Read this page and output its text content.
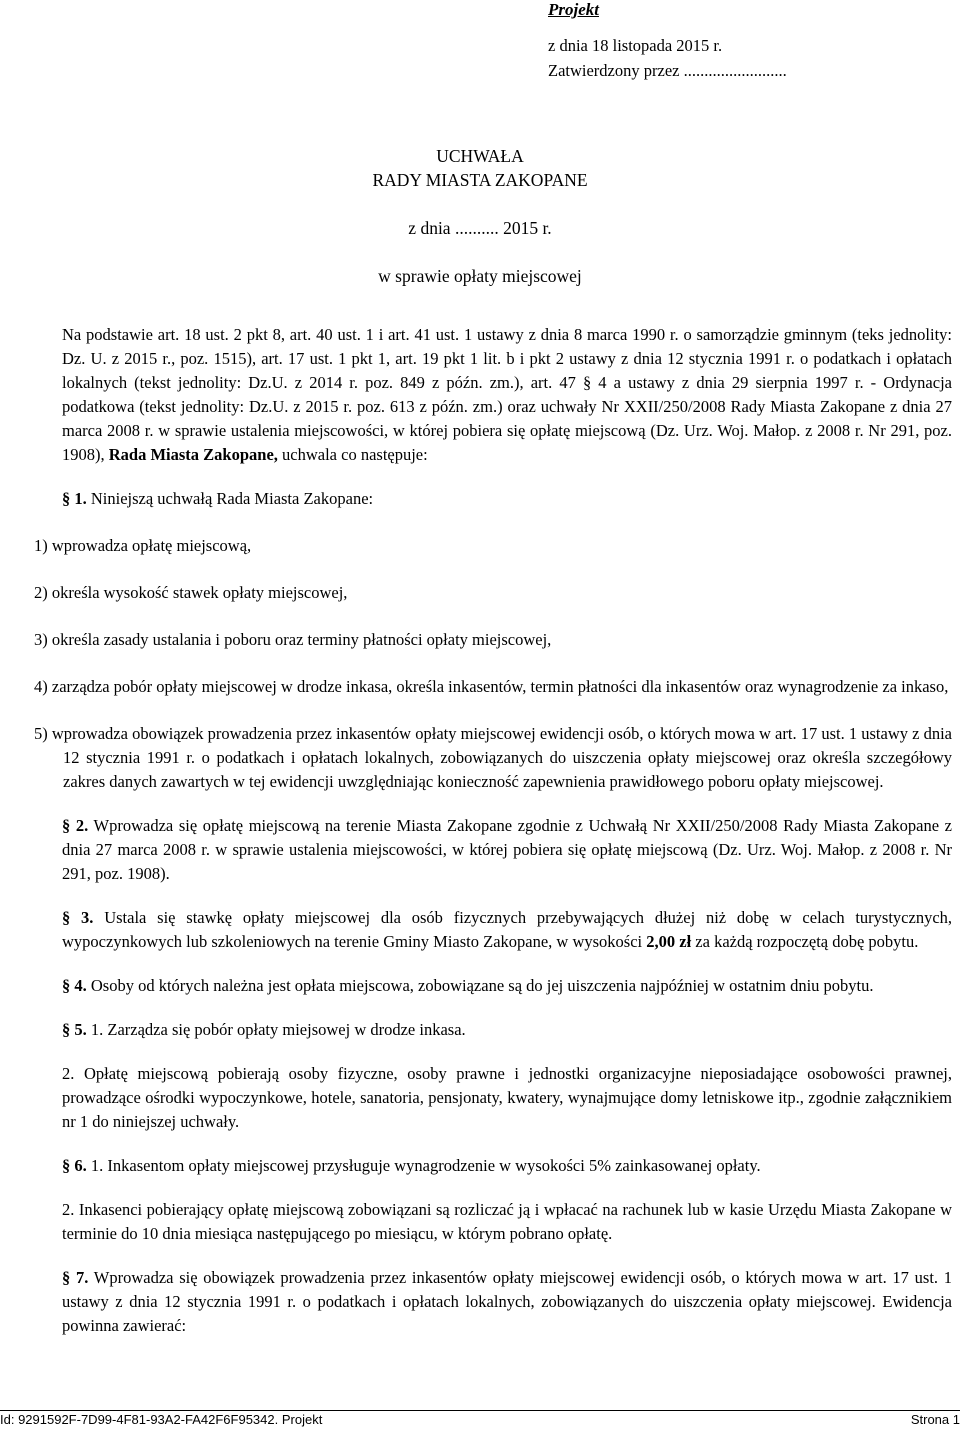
Projekt
z dnia 18 listopada 2015 r.
Zatwierdzony przez .........................
UCHWAŁA
RADY MIASTA ZAKOPANE
z dnia .......... 2015 r.
w sprawie opłaty miejscowej

Na podstawie art. 18 ust. 2 pkt 8, art. 40 ust. 1 i art. 41 ust. 1 ustawy z dnia 8 marca 1990 r. o samorządzie gminnym (teks jednolity: Dz. U. z 2015 r., poz. 1515), art. 17 ust. 1 pkt 1, art. 19 pkt 1 lit. b i pkt 2 ustawy z dnia 12 stycznia 1991 r. o podatkach i opłatach lokalnych (tekst jednolity: Dz.U. z 2014 r. poz. 849 z późn. zm.), art. 47 § 4 a ustawy z dnia 29 sierpnia 1997 r. - Ordynacja podatkowa (tekst jednolity: Dz.U. z 2015 r. poz. 613 z późn. zm.) oraz uchwały Nr XXII/250/2008 Rady Miasta Zakopane z dnia 27 marca 2008 r. w sprawie ustalenia miejscowości, w której pobiera się opłatę miejscową (Dz. Urz. Woj. Małop. z 2008 r. Nr 291, poz. 1908), Rada Miasta Zakopane, uchwala co następuje:

§ 1. Niniejszą uchwałą Rada Miasta Zakopane:

1) wprowadza opłatę miejscową,

2) określa wysokość stawek opłaty miejscowej,

3) określa zasady ustalania i poboru oraz terminy płatności opłaty miejscowej,

4) zarządza pobór opłaty miejscowej w drodze inkasa, określa inkasentów, termin płatności dla inkasentów oraz wynagrodzenie za inkaso,

5) wprowadza obowiązek prowadzenia przez inkasentów opłaty miejscowej ewidencji osób, o których mowa w art. 17 ust. 1 ustawy z dnia 12 stycznia 1991 r. o podatkach i opłatach lokalnych, zobowiązanych do uiszczenia opłaty miejscowej oraz określa szczegółowy zakres danych zawartych w tej ewidencji uwzględniając konieczność zapewnienia prawidłowego poboru opłaty miejscowej.

§ 2. Wprowadza się opłatę miejscową na terenie Miasta Zakopane zgodnie z Uchwałą Nr XXII/250/2008 Rady Miasta Zakopane z dnia 27 marca 2008 r. w sprawie ustalenia miejscowości, w której pobiera się opłatę miejscową (Dz. Urz. Woj. Małop. z 2008 r. Nr 291, poz. 1908).

§ 3. Ustala się stawkę opłaty miejscowej dla osób fizycznych przebywających dłużej niż dobę w celach turystycznych, wypoczynkowych lub szkoleniowych na terenie Gminy Miasto Zakopane, w wysokości 2,00 zł za każdą rozpoczętą dobę pobytu.

§ 4. Osoby od których należna jest opłata miejscowa, zobowiązane są do jej uiszczenia najpóźniej w ostatnim dniu pobytu.

§ 5. 1. Zarządza się pobór opłaty miejsowej w drodze inkasa.

2. Opłatę miejscową pobierają osoby fizyczne, osoby prawne i jednostki organizacyjne nieposiadające osobowości prawnej, prowadzące ośrodki wypoczynkowe, hotele, sanatoria, pensjonaty, kwatery, wynajmujące domy letniskowe itp., zgodnie załącznikiem nr 1 do niniejszej uchwały.

§ 6. 1. Inkasentom opłaty miejscowej przysługuje wynagrodzenie w wysokości 5% zainkasowanej opłaty.

2. Inkasenci pobierający opłatę miejscową zobowiązani są rozliczać ją i wpłacać na rachunek lub w kasie Urzędu Miasta Zakopane w terminie do 10 dnia miesiąca następującego po miesiącu, w którym pobrano opłatę.

§ 7. Wprowadza się obowiązek prowadzenia przez inkasentów opłaty miejscowej ewidencji osób, o których mowa w art. 17 ust. 1 ustawy z dnia 12 stycznia 1991 r. o podatkach i opłatach lokalnych, zobowiązanych do uiszczenia opłaty miejscowej. Ewidencja powinna zawierać:

Id: 9291592F-7D99-4F81-93A2-FA42F6F95342. Projekt	Strona 1
